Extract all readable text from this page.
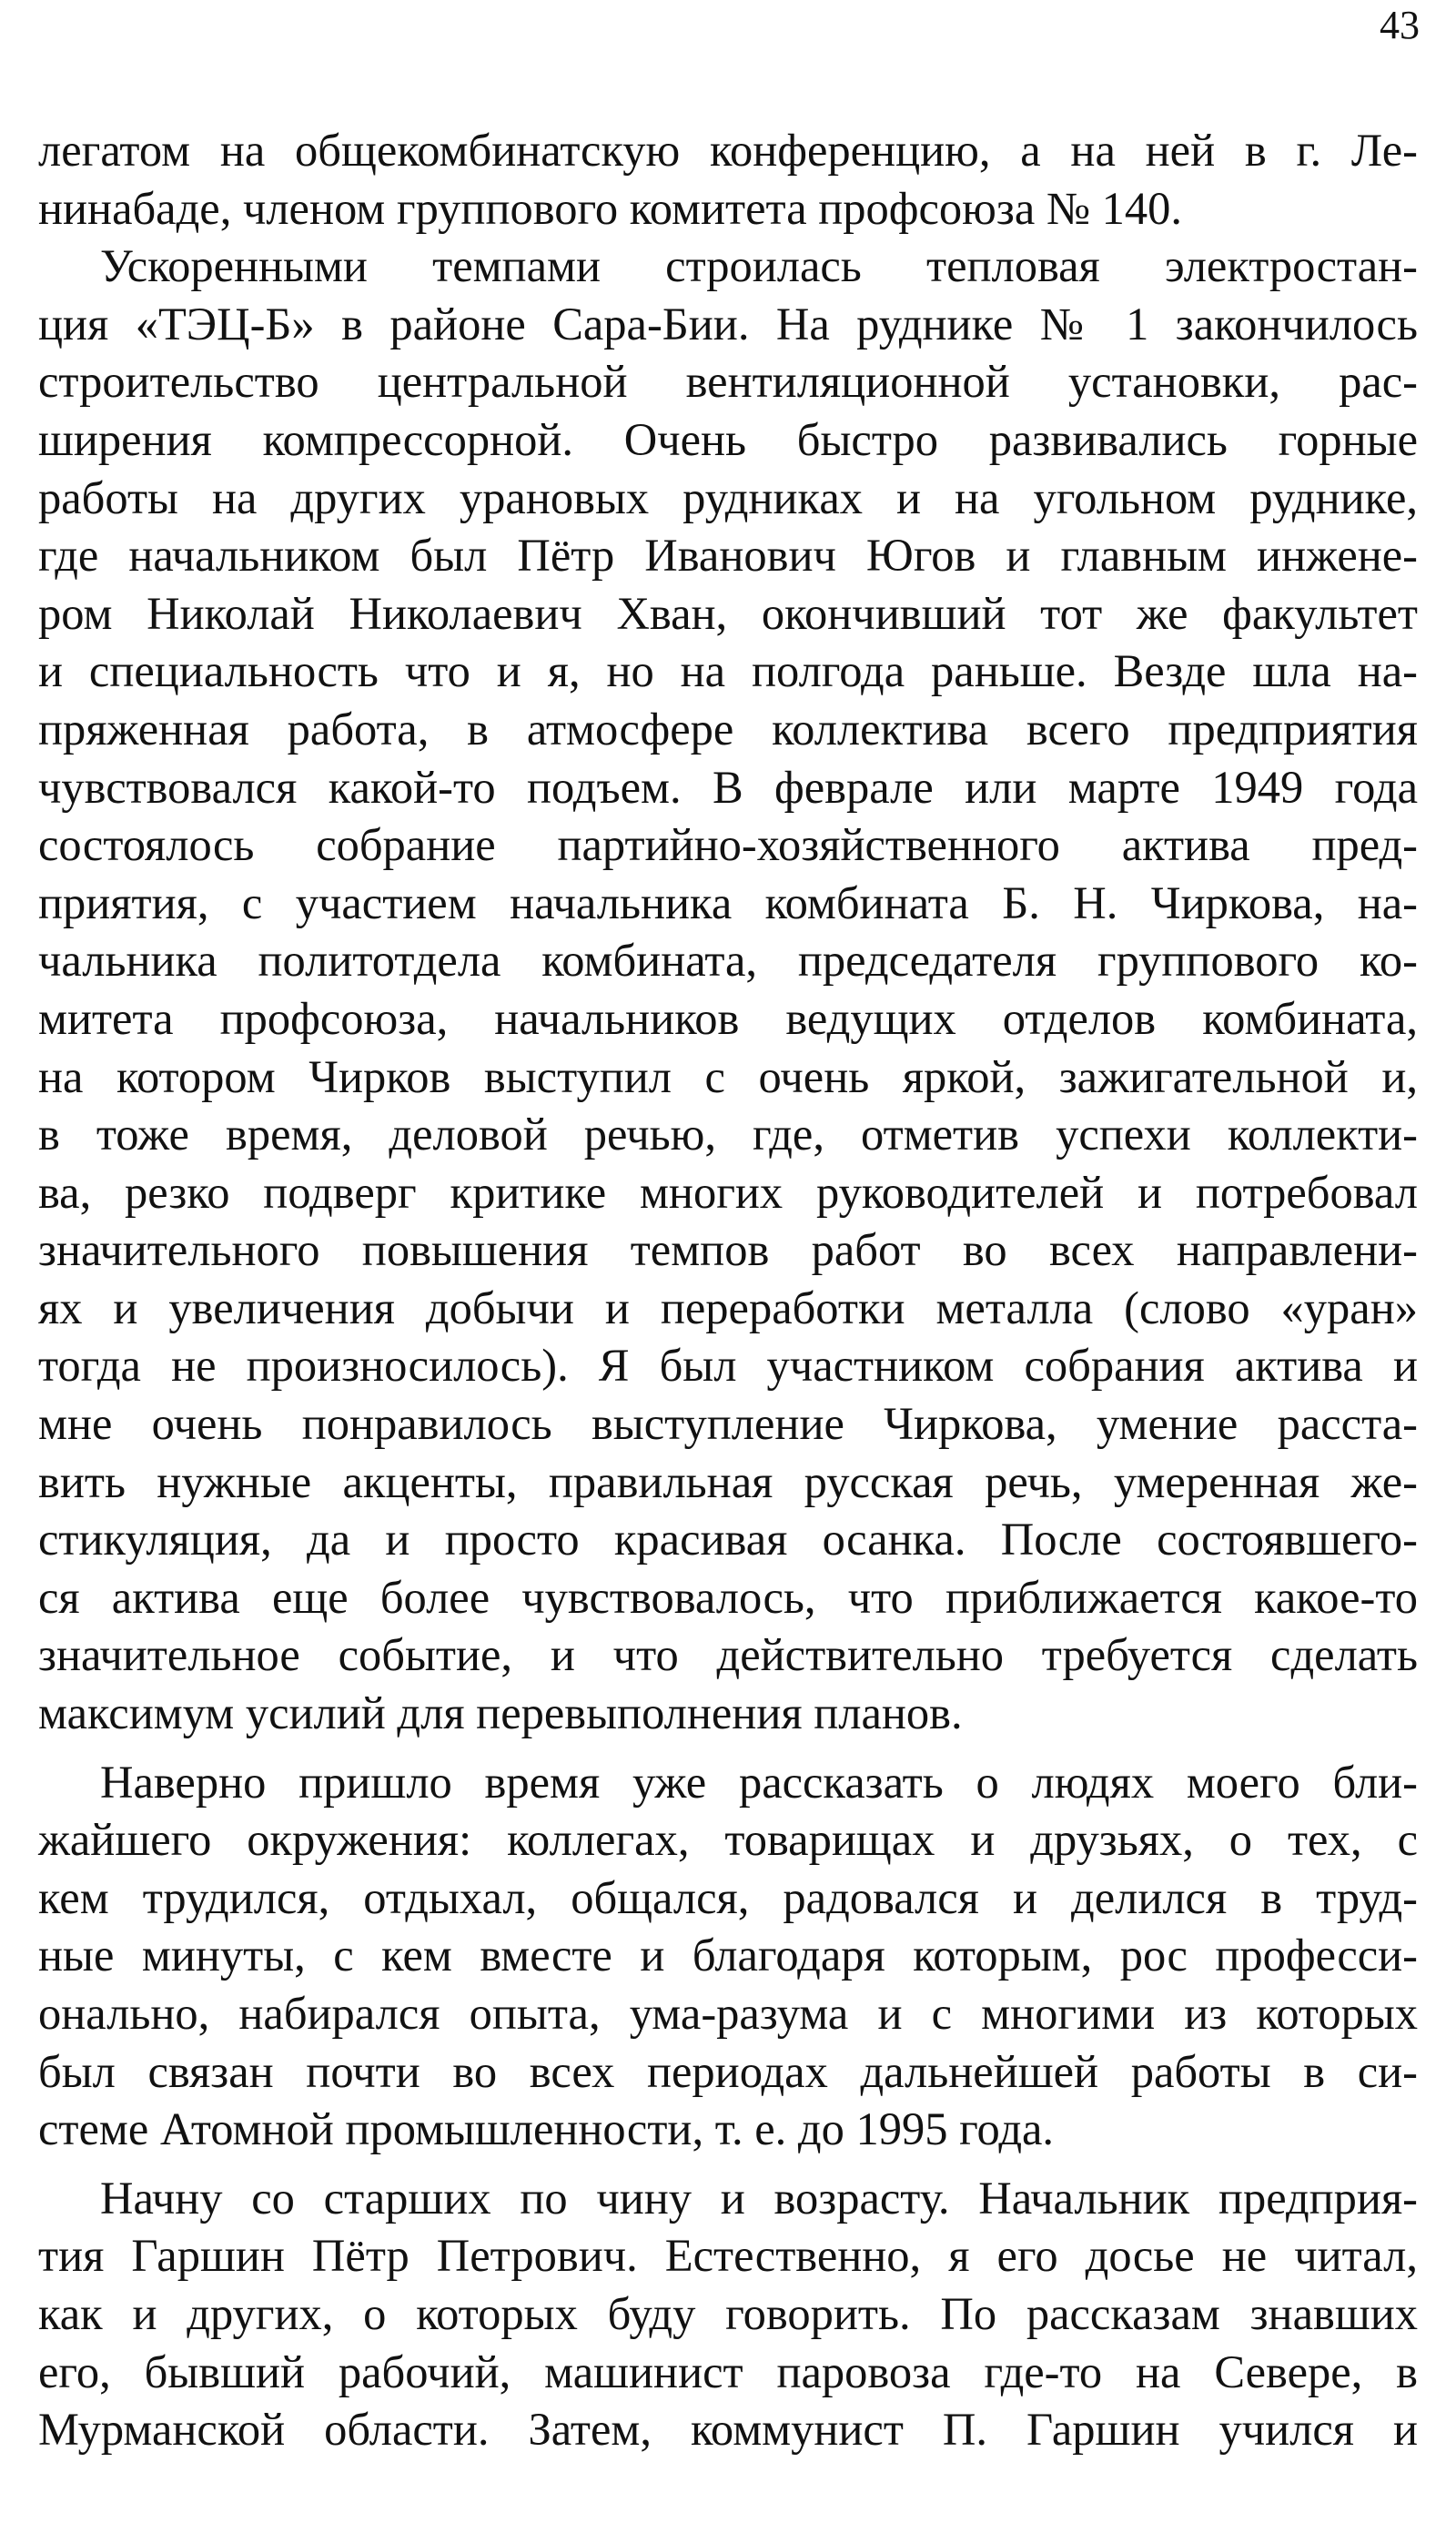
43
легатом на общекомбинатскую конференцию, а на ней в г. Ле-
нинабаде, членом группового комитета профсоюза № 140.
Ускоренными темпами строилась тепловая электростан-
ция «ТЭЦ-Б» в районе Сара-Бии. На руднике № 1 закончилось
строительство центральной вентиляционной установки, рас-
ширения компрессорной. Очень быстро развивались горные
работы на других урановых рудниках и на угольном руднике,
где начальником был Пётр Иванович Югов и главным инжене-
ром Николай Николаевич Хван, окончивший тот же факультет
и специальность что и я, но на полгода раньше. Везде шла на-
пряженная работа, в атмосфере коллектива всего предприятия
чувствовался какой-то подъем. В феврале или марте 1949 года
состоялось собрание партийно-хозяйственного актива пред-
приятия, с участием начальника комбината Б. Н. Чиркова, на-
чальника политотдела комбината, председателя группового ко-
митета профсоюза, начальников ведущих отделов комбината,
на котором Чирков выступил с очень яркой, зажигательной и,
в тоже время, деловой речью, где, отметив успехи коллекти-
ва, резко подверг критике многих руководителей и потребовал
значительного повышения темпов работ во всех направлени-
ях и увеличения добычи и переработки металла (слово «уран»
тогда не произносилось). Я был участником собрания актива и
мне очень понравилось выступление Чиркова, умение расста-
вить нужные акценты, правильная русская речь, умеренная же-
стикуляция, да и просто красивая осанка. После состоявшего-
ся актива еще более чувствовалось, что приближается какое-то
значительное событие, и что действительно требуется сделать
максимум усилий для перевыполнения планов.
Наверно пришло время уже рассказать о людях моего бли-
жайшего окружения: коллегах, товарищах и друзьях, о тех, с
кем трудился, отдыхал, общался, радовался и делился в труд-
ные минуты, с кем вместе и благодаря которым, рос професси-
онально, набирался опыта, ума-разума и с многими из которых
был связан почти во всех периодах дальнейшей работы в си-
стеме Атомной промышленности, т. е. до 1995 года.
Начну со старших по чину и возрасту. Начальник предприя-
тия Гаршин Пётр Петрович. Естественно, я его досье не читал,
как и других, о которых буду говорить. По рассказам знавших
его, бывший рабочий, машинист паровоза где-то на Севере, в
Мурманской области. Затем, коммунист П. Гаршин учился и
